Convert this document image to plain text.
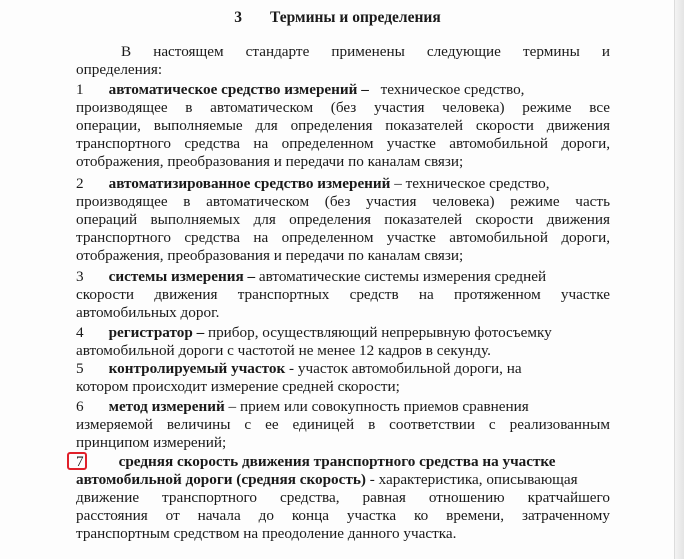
3 Термины и определения
В настоящем стандарте применены следующие термины и
определения:
1 автоматическое средство измерений – техническое средство,
производящее в автоматическом (без участия человека) режиме все
операции, выполняемые для определения показателей скорости движения
транспортного средства на определенном участке автомобильной дороги,
отображения, преобразования и передачи по каналам связи;
2 автоматизированное средство измерений – техническое средство,
производящее в автоматическом (без участия человека) режиме часть
операций выполняемых для определения показателей скорости движения
транспортного средства на определенном участке автомобильной дороги,
отображения, преобразования и передачи по каналам связи;
3 системы измерения – автоматические системы измерения средней
скорости движения транспортных средств на протяженном участке
автомобильных дорог.
4 регистратор – прибор, осуществляющий непрерывную фотосъемку
автомобильной дороги с частотой не менее 12 кадров в секунду.
5 контролируемый участок - участок автомобильной дороги, на
котором происходит измерение средней скорости;
6 метод измерений – прием или совокупность приемов сравнения
измеряемой величины с ее единицей в соответствии с реализованным
принципом измерений;
7 средняя скорость движения транспортного средства на участке
автомобильной дороги (средняя скорость) - характеристика, описывающая
движение транспортного средства, равная отношению кратчайшего
расстояния от начала до конца участка ко времени, затраченному
транспортным средством на преодоление данного участка.
